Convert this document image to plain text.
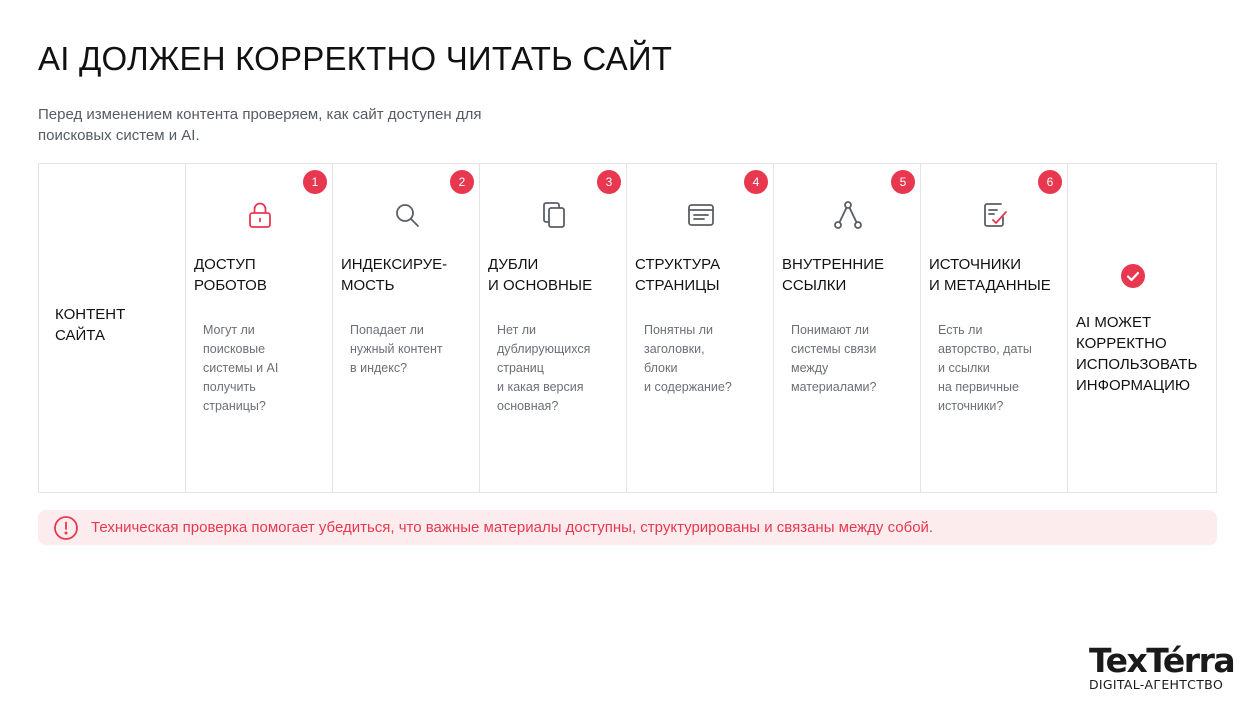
AI ДОЛЖЕН КОРРЕКТНО ЧИТАТЬ САЙТ
Перед изменением контента проверяем, как сайт доступен для поисковых систем и AI.
КОНТЕНТ
САЙТА
1
ДОСТУП
РОБОТОВ
Могут ли
поисковые
системы и AI
получить
страницы?
2
ИНДЕКСИРУЕ-
МОСТЬ
Попадает ли
нужный контент
в индекс?
3
ДУБЛИ
И ОСНОВНЫЕ
Нет ли
дублирующихся
страниц
и какая версия
основная?
4
СТРУКТУРА
СТРАНИЦЫ
Понятны ли
заголовки,
блоки
и содержание?
5
ВНУТРЕННИЕ
ССЫЛКИ
Понимают ли
системы связи
между
материалами?
6
ИСТОЧНИКИ
И МЕТАДАННЫЕ
Есть ли
авторство, даты
и ссылки
на первичные
источники?
AI МОЖЕТ
КОРРЕКТНО
ИСПОЛЬЗОВАТЬ
ИНФОРМАЦИЮ
Техническая проверка помогает убедиться, что важные материалы доступны, структурированы и связаны между собой.
TexTérra
DIGITAL-АГЕНТСТВО
